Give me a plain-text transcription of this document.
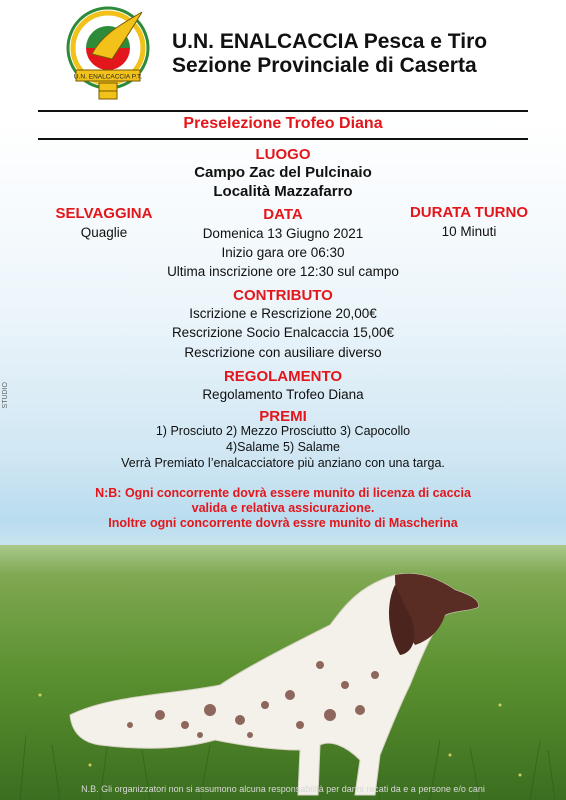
U.N. ENALCACCIA P.T.
U.N. ENALCACCIA Pesca e Tiro
Sezione Provinciale di Caserta
Preselezione Trofeo Diana
LUOGO
Campo Zac del Pulcinaio
Località Mazzafarro
SELVAGGINA
Quaglie
DATA
Domenica 13 Giugno 2021
Inizio gara ore 06:30
Ultima inscrizione ore 12:30 sul campo
DURATA TURNO
10 Minuti
CONTRIBUTO
Iscrizione e Rescrizione 20,00€
Rescrizione Socio Enalcaccia 15,00€
Rescrizione con ausiliare diverso
REGOLAMENTO
Regolamento Trofeo Diana
PREMI
1) Prosciuto 2) Mezzo Prosciutto 3) Capocollo
4)Salame 5) Salame
Verrà Premiato l’enalcacciatore più anziano con una targa.
N:B: Ogni concorrente dovrà essere munito di licenza di caccia
valida e relativa assicurazione.
Inoltre ogni concorrente dovrà essre munito di Mascherina
STUDIO
N.B. Gli organizzatori non si assumono alcuna responsabilità per danni recati da e a persone e/o cani
